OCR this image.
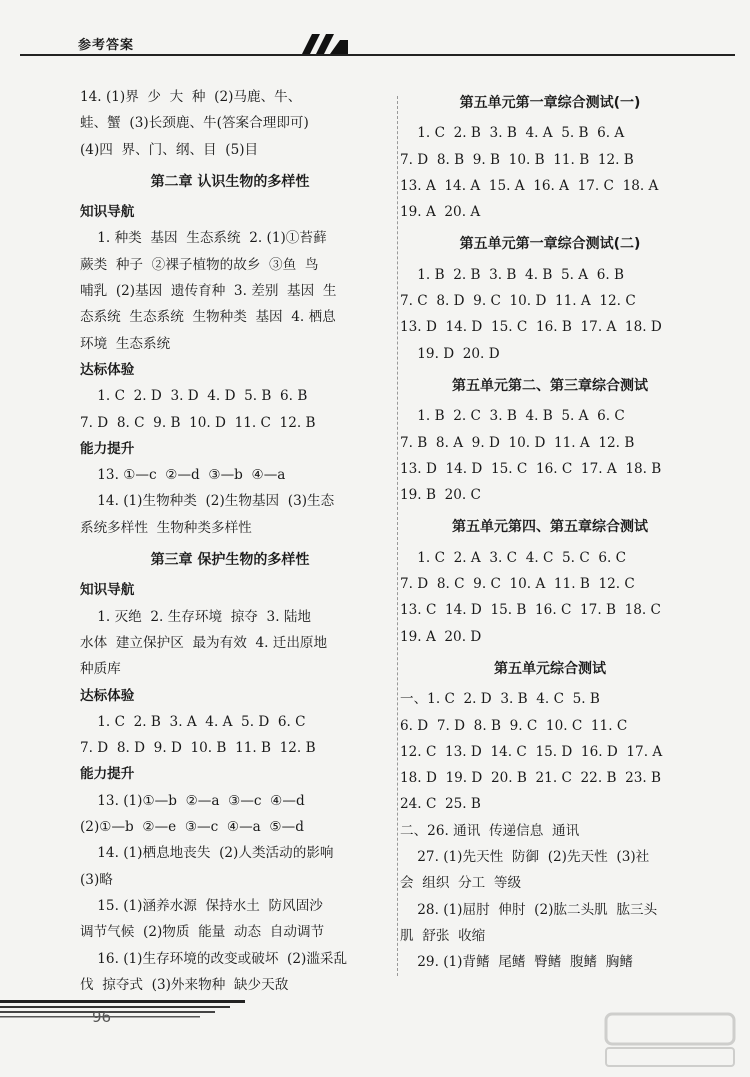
参考答案
14. (1)界  少  大  种  (2)马鹿、牛、
蛙、蟹  (3)长颈鹿、牛(答案合理即可)
(4)四  界、门、纲、目  (5)目
第二章 认识生物的多样性
知识导航
1. 种类  基因  生态系统  2. (1)①苔藓
蕨类  种子  ②裸子植物的故乡  ③鱼  鸟
哺乳  (2)基因  遗传育种  3. 差别  基因  生
态系统  生态系统  生物种类  基因  4. 栖息
环境  生态系统
达标体验
1. C  2. D  3. D  4. D  5. B  6. B
7. D  8. C  9. B  10. D  11. C  12. B
能力提升
13. ①—c  ②—d  ③—b  ④—a
14. (1)生物种类  (2)生物基因  (3)生态
系统多样性  生物种类多样性
第三章 保护生物的多样性
知识导航
1. 灭绝  2. 生存环境  掠夺  3. 陆地
水体  建立保护区  最为有效  4. 迁出原地
种质库
达标体验
1. C  2. B  3. A  4. A  5. D  6. C
7. D  8. D  9. D  10. B  11. B  12. B
能力提升
13. (1)①—b  ②—a  ③—c  ④—d
(2)①—b  ②—e  ③—c  ④—a  ⑤—d
14. (1)栖息地丧失  (2)人类活动的影响
(3)略
15. (1)涵养水源  保持水土  防风固沙
调节气候  (2)物质  能量  动态  自动调节
16. (1)生存环境的改变或破坏  (2)滥采乱
伐  掠夺式  (3)外来物种  缺少天敌
第五单元第一章综合测试(一)
1. C  2. B  3. B  4. A  5. B  6. A
7. D  8. B  9. B  10. B  11. B  12. B
13. A  14. A  15. A  16. A  17. C  18. A
19. A  20. A
第五单元第一章综合测试(二)
1. B  2. B  3. B  4. B  5. A  6. B
7. C  8. D  9. C  10. D  11. A  12. C
13. D  14. D  15. C  16. B  17. A  18. D
19. D  20. D
第五单元第二、第三章综合测试
1. B  2. C  3. B  4. B  5. A  6. C
7. B  8. A  9. D  10. D  11. A  12. B
13. D  14. D  15. C  16. C  17. A  18. B
19. B  20. C
第五单元第四、第五章综合测试
1. C  2. A  3. C  4. C  5. C  6. C
7. D  8. C  9. C  10. A  11. B  12. C
13. C  14. D  15. B  16. C  17. B  18. C
19. A  20. D
第五单元综合测试
一、1. C  2. D  3. B  4. C  5. B
6. D  7. D  8. B  9. C  10. C  11. C
12. C  13. D  14. C  15. D  16. D  17. A
18. D  19. D  20. B  21. C  22. B  23. B
24. C  25. B
二、26. 通讯  传递信息  通讯
27. (1)先天性  防御  (2)先天性  (3)社
会  组织  分工  等级
28. (1)屈肘  伸肘  (2)肱二头肌  肱三头
肌  舒张  收缩
29. (1)背鳍  尾鳍  臀鳍  腹鳍  胸鳍
96
